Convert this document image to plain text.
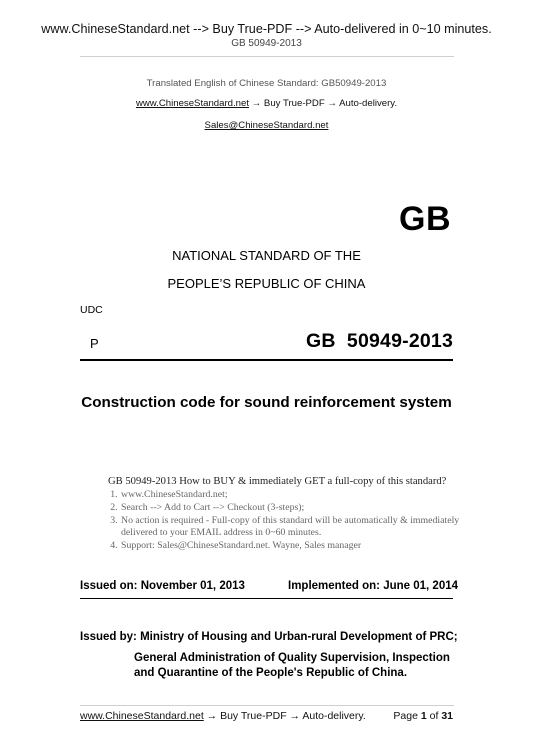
www.ChineseStandard.net --> Buy True-PDF --> Auto-delivered in 0~10 minutes.
GB 50949-2013
Translated English of Chinese Standard: GB50949-2013
www.ChineseStandard.net → Buy True-PDF → Auto-delivery.
Sales@ChineseStandard.net
GB
NATIONAL STANDARD OF THE
PEOPLE’S REPUBLIC OF CHINA
UDC
P	GB  50949-2013
Construction code for sound reinforcement system
GB 50949-2013 How to BUY & immediately GET a full-copy of this standard?
1. www.ChineseStandard.net;
2. Search --> Add to Cart --> Checkout (3-steps);
3. No action is required - Full-copy of this standard will be automatically & immediately delivered to your EMAIL address in 0~60 minutes.
4. Support: Sales@ChineseStandard.net. Wayne, Sales manager
Issued on: November 01, 2013	Implemented on: June 01, 2014
Issued by: Ministry of Housing and Urban-rural Development of PRC;
General Administration of Quality Supervision, Inspection
and Quarantine of the People's Republic of China.
www.ChineseStandard.net → Buy True-PDF → Auto-delivery.	Page 1 of 31
